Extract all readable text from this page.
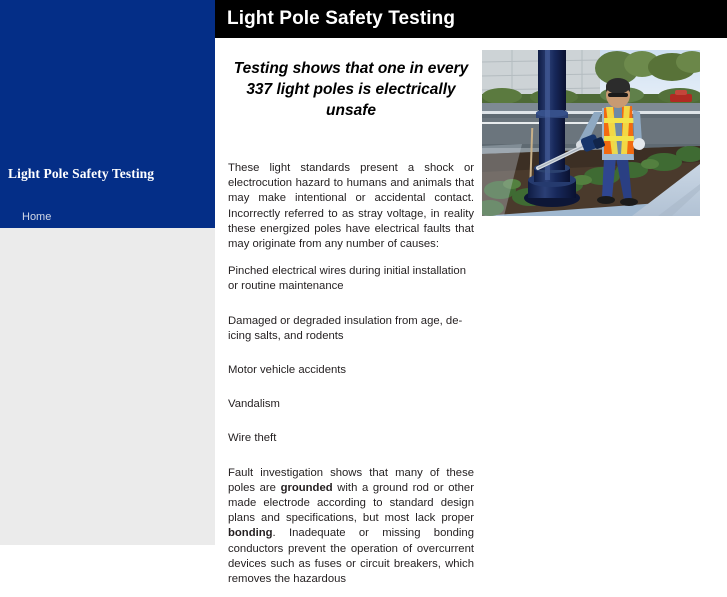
Light Pole Safety Testing
Home
Light Pole Safety Testing
Testing shows that one in every 337 light poles is electrically unsafe

These light standards present a shock or electrocution hazard to humans and animals that may make intentional or accidental contact. Incorrectly referred to as stray voltage, in reality these energized poles have electrical faults that may originate from any number of causes:

Pinched electrical wires during initial installation or routine maintenance

Damaged or degraded insulation from age, de-icing salts, and rodents

Motor vehicle accidents

Vandalism

Wire theft

Fault investigation shows that many of these poles are grounded with a ground rod or other made electrode according to standard design plans and specifications, but most lack proper bonding. Inadequate or missing bonding conductors prevent the operation of overcurrent devices such as fuses or circuit breakers, which removes the hazardous
